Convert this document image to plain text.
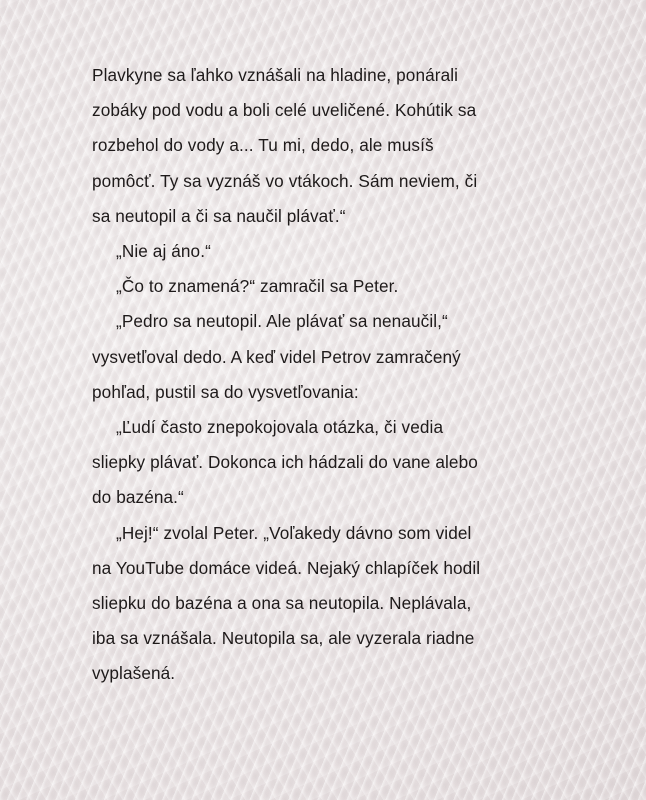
Plavkyne sa ľahko vznášali na hladine, ponárali
zobáky pod vodu a boli celé uveličené. Kohútik sa
rozbehol do vody a... Tu mi, dedo, ale musíš
pomôcť. Ty sa vyznáš vo vtákoch. Sám neviem, či
sa neutopil a či sa naučil plávať.“

„Nie aj áno.“

„Čo to znamená?“ zamračil sa Peter.

„Pedro sa neutopil. Ale plávať sa nenaučil,“
vysvetľoval dedo. A keď videl Petrov zamračený
pohľad, pustil sa do vysvetľovania:

„Ľudí často znepokojovala otázka, či vedia
sliepky plávať. Dokonca ich hádzali do vane alebo
do bazéna.“

„Hej!“ zvolal Peter. „Voľakedy dávno som videl
na YouTube domáce videá. Nejaký chlapíček hodil
sliepku do bazéna a ona sa neutopila. Neplávala,
iba sa vznášala. Neutopila sa, ale vyzerala riadne
vyplašená.
